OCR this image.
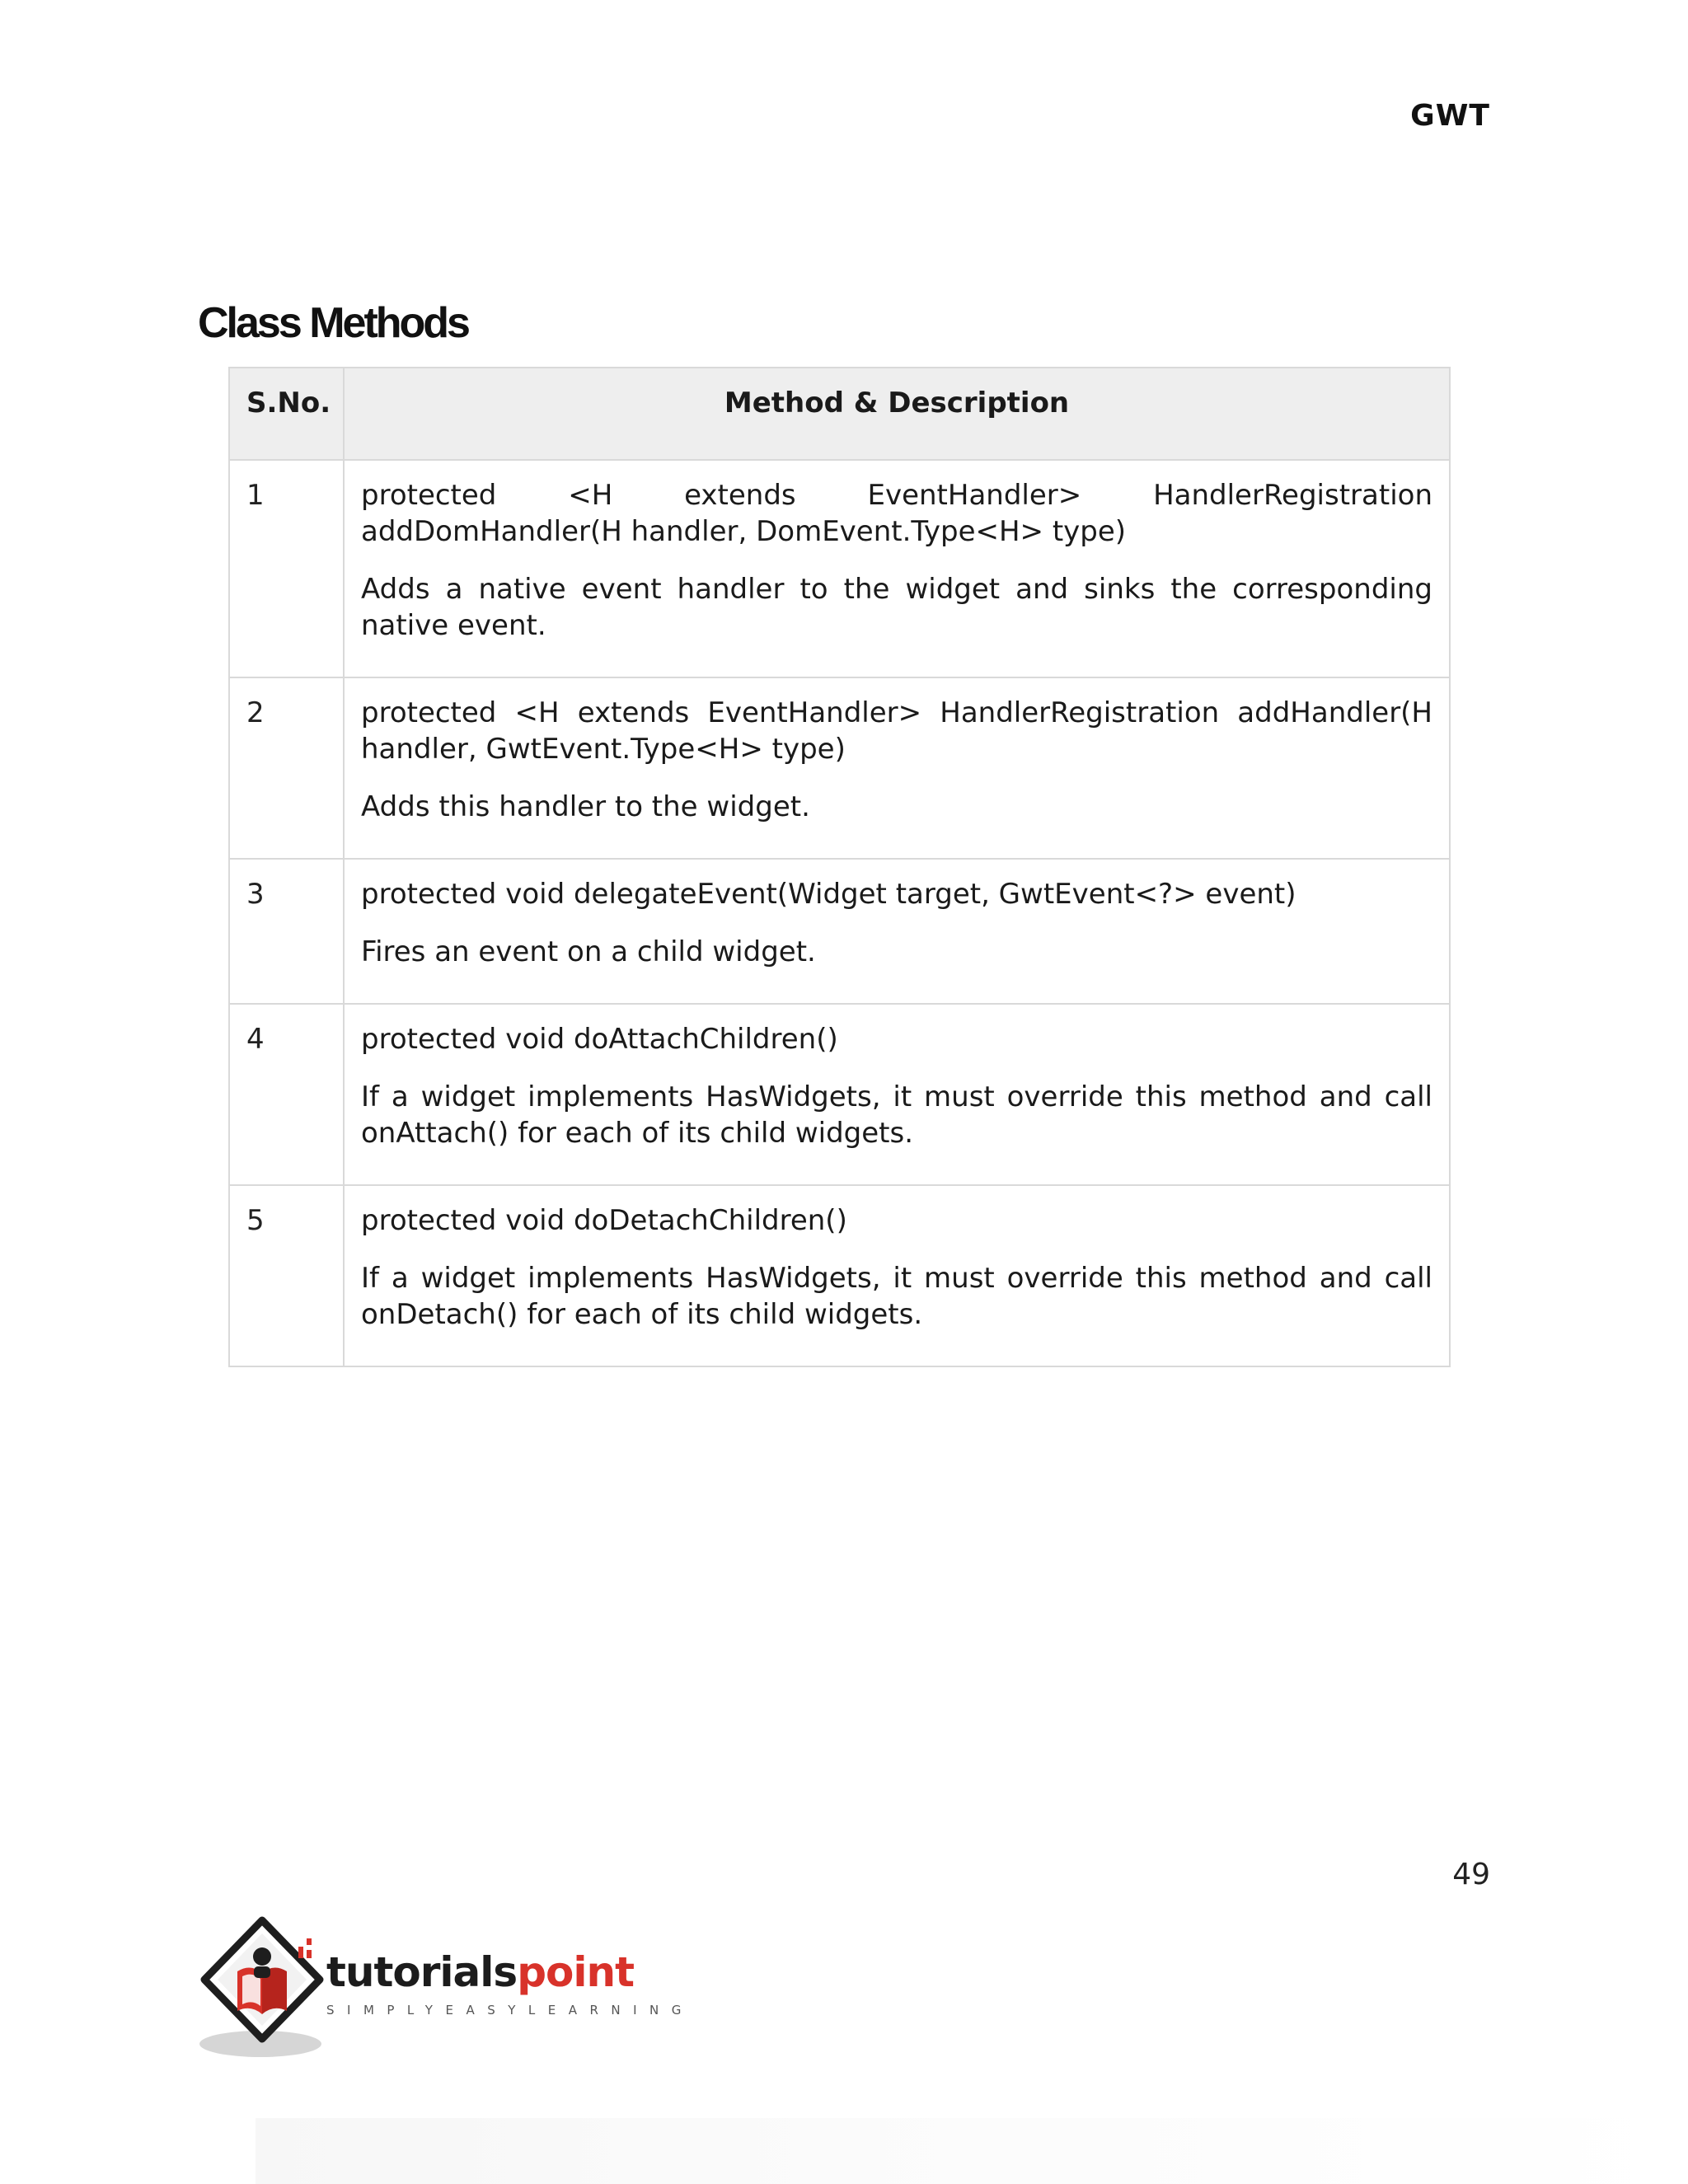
GWT
Class Methods
S.No.	Method & Description
1	protected <H extends EventHandler> HandlerRegistration addDomHandler(H handler, DomEvent.Type<H> type)

Adds a native event handler to the widget and sinks the corresponding native event.

2	protected <H extends EventHandler> HandlerRegistration addHandler(H handler, GwtEvent.Type<H> type)

Adds this handler to the widget.

3	protected void delegateEvent(Widget target, GwtEvent<?> event)

Fires an event on a child widget.

4	protected void doAttachChildren()

If a widget implements HasWidgets, it must override this method and call onAttach() for each of its child widgets.

5	protected void doDetachChildren()

If a widget implements HasWidgets, it must override this method and call onDetach() for each of its child widgets.

49

tutorialspoint

SIMPLYEASYLEARNING
